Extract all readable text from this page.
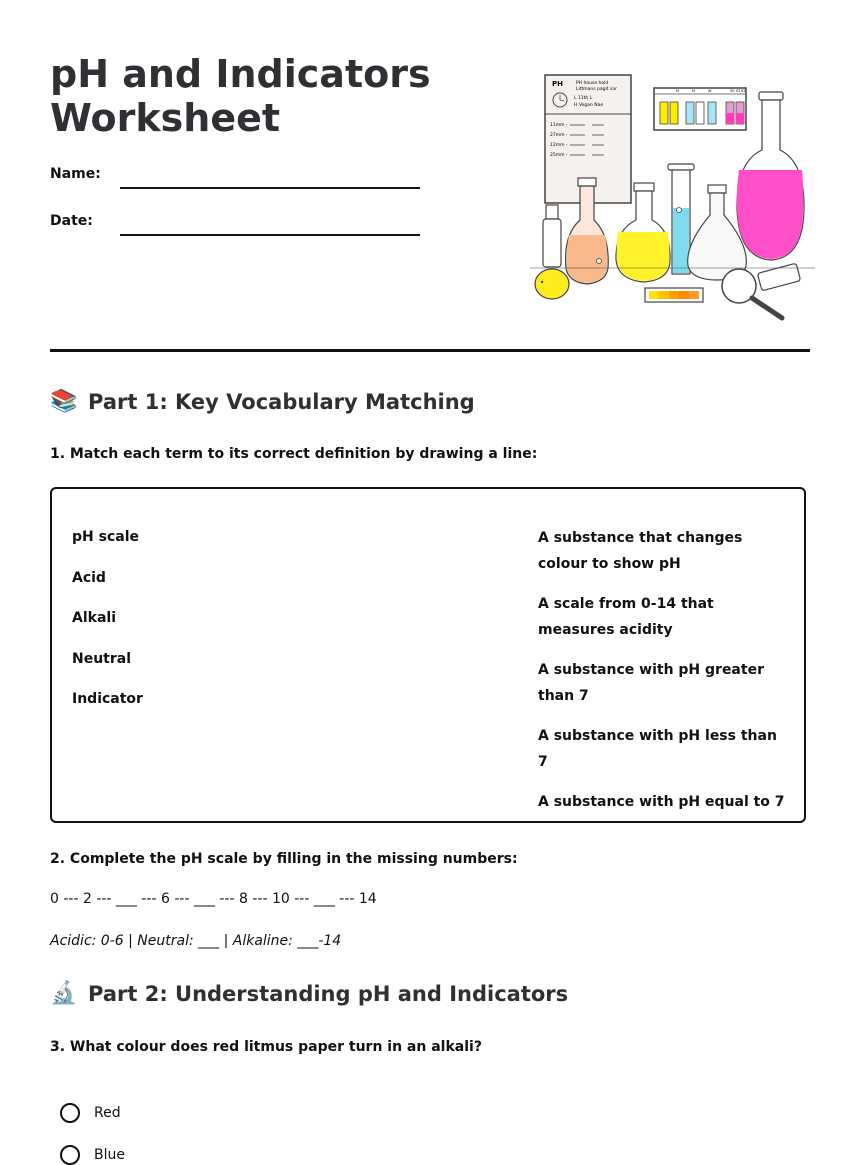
pH and Indicators Worksheet
Name:
Date:
PH	PH house hold
Littmans pagit sar
L 11th L
H Vegan Nae
11mm -
27mm -
12mm -
25mm -
M	M	W	50 02 92
📚 Part 1: Key Vocabulary Matching
1. Match each term to its correct definition by drawing a line:
pH scale
Acid
Alkali
Neutral
Indicator
A substance that changes colour to show pH
A scale from 0-14 that measures acidity
A substance with pH greater than 7
A substance with pH less than 7
A substance with pH equal to 7
2. Complete the pH scale by filling in the missing numbers:
0 --- 2 --- ___ --- 6 --- ___ --- 8 --- 10 --- ___ --- 14
Acidic: 0-6 | Neutral: ___ | Alkaline: ___-14
🔬 Part 2: Understanding pH and Indicators
3. What colour does red litmus paper turn in an alkali?
Red
Blue
